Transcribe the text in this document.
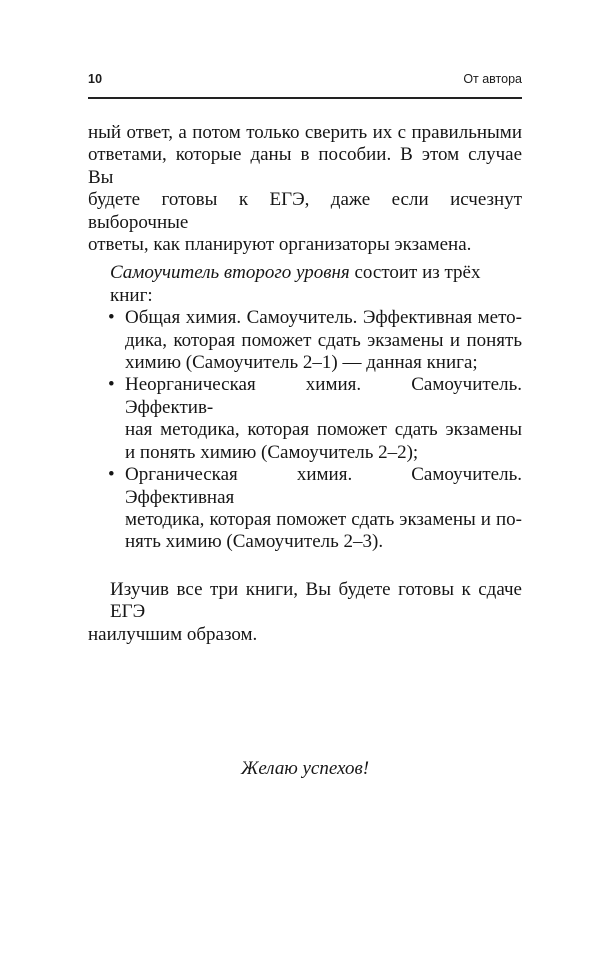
10	От автора
ный ответ, а потом только сверить их с правильными
ответами, которые даны в пособии. В этом случае Вы
будете готовы к ЕГЭ, даже если исчезнут выборочные
ответы, как планируют организаторы экзамена.
Самоучитель второго уровня состоит из трёх книг:
• Общая химия. Самоучитель. Эффективная мето-
дика, которая поможет сдать экзамены и понять
химию (Самоучитель 2–1) — данная книга;
• Неорганическая химия. Самоучитель. Эффектив-
ная методика, которая поможет сдать экзамены
и понять химию (Самоучитель 2–2);
• Органическая химия. Самоучитель. Эффективная
методика, которая поможет сдать экзамены и по-
нять химию (Самоучитель 2–3).
Изучив все три книги, Вы будете готовы к сдаче ЕГЭ
наилучшим образом.
Желаю успехов!
